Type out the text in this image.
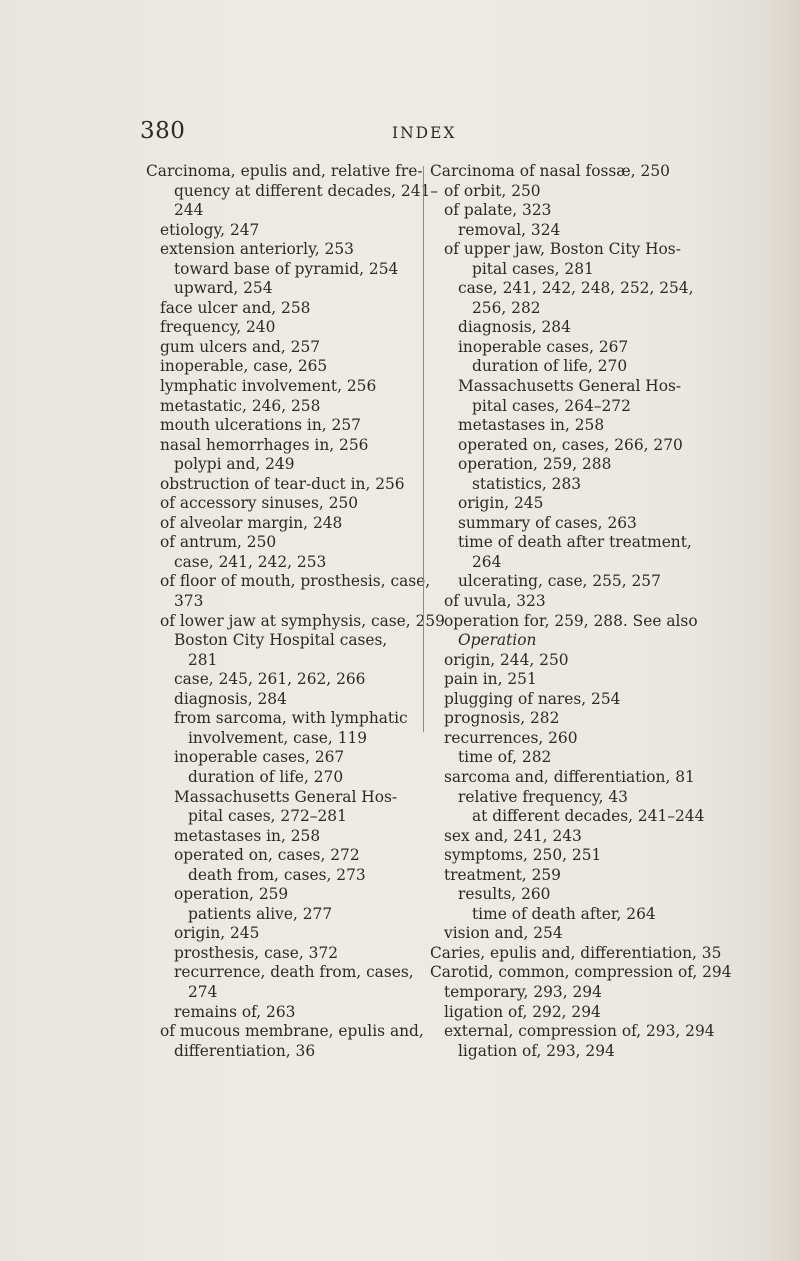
380	INDEX
Carcinoma, epulis and, relative fre-
quency at different decades, 241–
244
etiology, 247
extension anteriorly, 253
toward base of pyramid, 254
upward, 254
face ulcer and, 258
frequency, 240
gum ulcers and, 257
inoperable, case, 265
lymphatic involvement, 256
metastatic, 246, 258
mouth ulcerations in, 257
nasal hemorrhages in, 256
polypi and, 249
obstruction of tear-duct in, 256
of accessory sinuses, 250
of alveolar margin, 248
of antrum, 250
case, 241, 242, 253
of floor of mouth, prosthesis, case,
373
of lower jaw at symphysis, case, 259
Boston City Hospital cases,
281
case, 245, 261, 262, 266
diagnosis, 284
from sarcoma, with lymphatic
involvement, case, 119
inoperable cases, 267
duration of life, 270
Massachusetts General Hos-
pital cases, 272–281
metastases in, 258
operated on, cases, 272
death from, cases, 273
operation, 259
patients alive, 277
origin, 245
prosthesis, case, 372
recurrence, death from, cases,
274
remains of, 263
of mucous membrane, epulis and,
differentiation, 36
Carcinoma of nasal fossæ, 250
of orbit, 250
of palate, 323
removal, 324
of upper jaw, Boston City Hos-
pital cases, 281
case, 241, 242, 248, 252, 254,
256, 282
diagnosis, 284
inoperable cases, 267
duration of life, 270
Massachusetts General Hos-
pital cases, 264–272
metastases in, 258
operated on, cases, 266, 270
operation, 259, 288
statistics, 283
origin, 245
summary of cases, 263
time of death after treatment,
264
ulcerating, case, 255, 257
of uvula, 323
operation for, 259, 288. See also
Operation
origin, 244, 250
pain in, 251
plugging of nares, 254
prognosis, 282
recurrences, 260
time of, 282
sarcoma and, differentiation, 81
relative frequency, 43
at different decades, 241–244
sex and, 241, 243
symptoms, 250, 251
treatment, 259
results, 260
time of death after, 264
vision and, 254
Caries, epulis and, differentiation, 35
Carotid, common, compression of, 294
temporary, 293, 294
ligation of, 292, 294
external, compression of, 293, 294
ligation of, 293, 294
